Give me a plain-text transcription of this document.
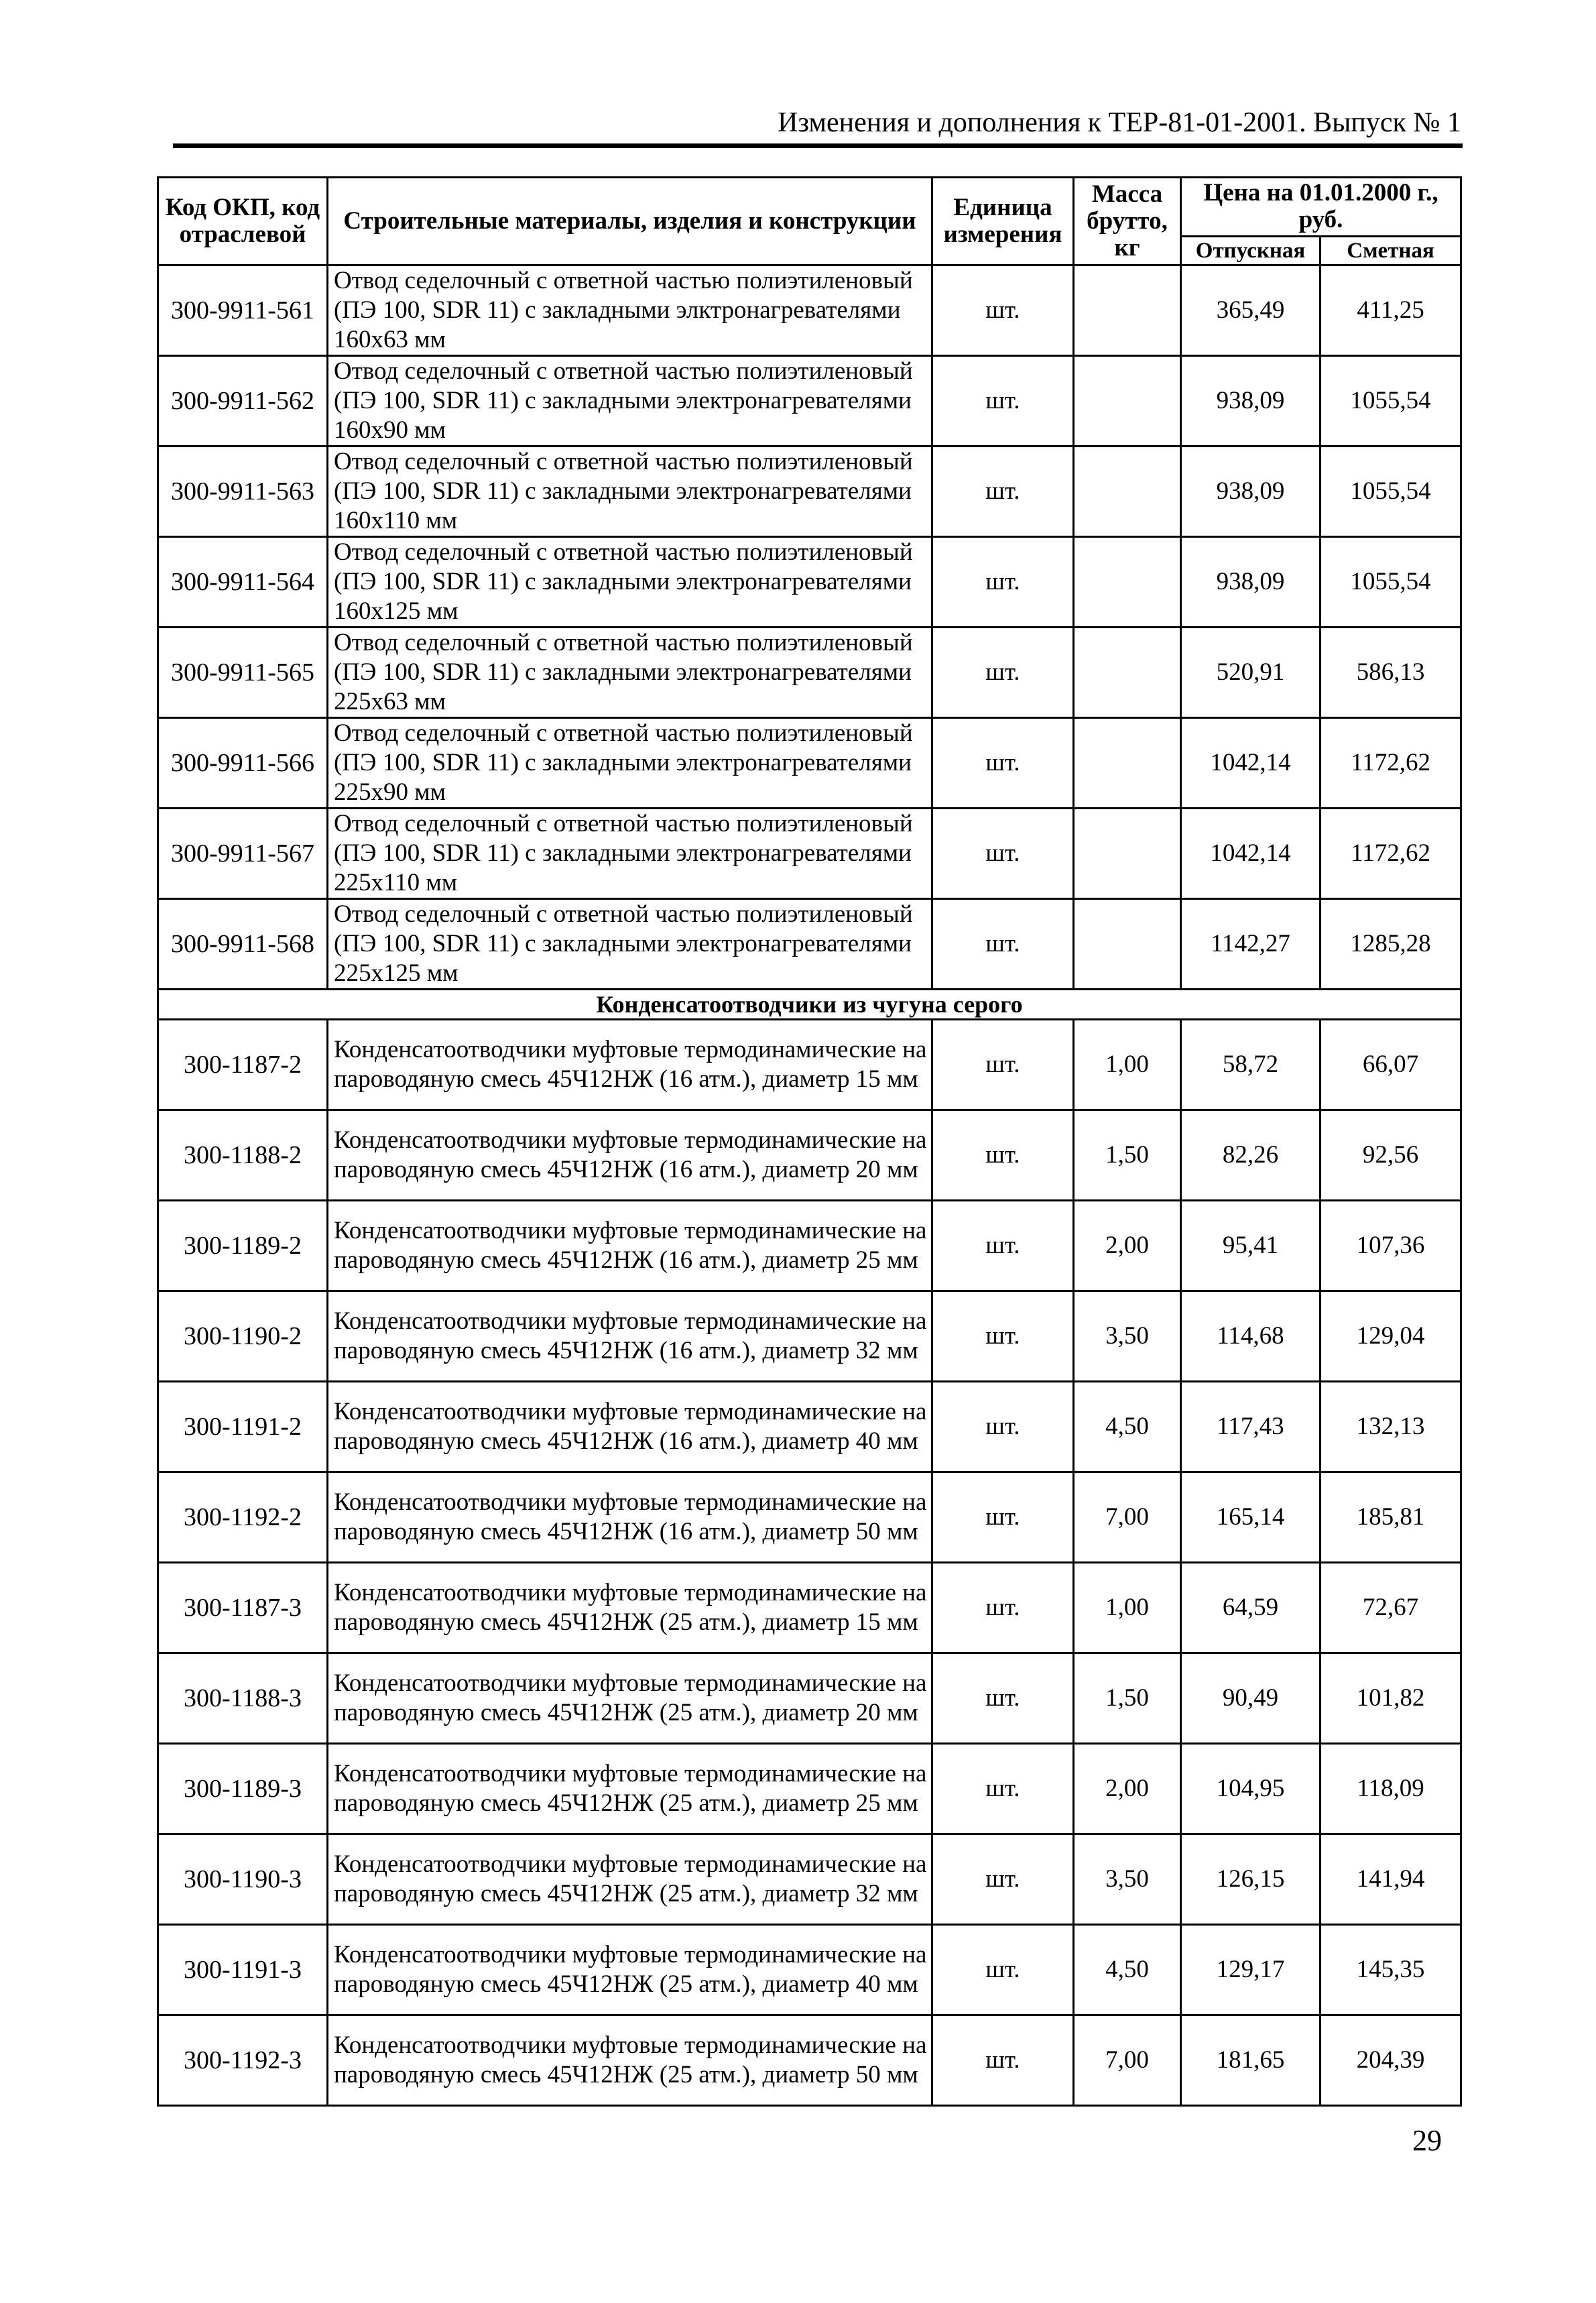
Изменения и дополнения к ТЕР-81-01-2001. Выпуск № 1
Код ОКП, код отраслевой	Строительные материалы, изделия и конструкции	Единица измерения	Масса брутто, кг	Цена на 01.01.2000 г., руб.	
				Отпускная	Сметная
300-9911-561	Отвод седелочный с ответной частью полиэтиленовый (ПЭ 100, SDR 11) с закладными элктронагревателями 160х63 мм	шт.		365,49	411,25
300-9911-562	Отвод седелочный с ответной частью полиэтиленовый (ПЭ 100, SDR 11) с закладными электронагревателями 160х90 мм	шт.		938,09	1055,54
300-9911-563	Отвод седелочный с ответной частью полиэтиленовый (ПЭ 100, SDR 11) с закладными электронагревателями 160х110 мм	шт.		938,09	1055,54
300-9911-564	Отвод седелочный с ответной частью полиэтиленовый (ПЭ 100, SDR 11) с закладными электронагревателями 160х125 мм	шт.		938,09	1055,54
300-9911-565	Отвод седелочный с ответной частью полиэтиленовый (ПЭ 100, SDR 11) с закладными электронагревателями 225х63 мм	шт.		520,91	586,13
300-9911-566	Отвод седелочный с ответной частью полиэтиленовый (ПЭ 100, SDR 11) с закладными электронагревателями 225х90 мм	шт.		1042,14	1172,62
300-9911-567	Отвод седелочный с ответной частью полиэтиленовый (ПЭ 100, SDR 11) с закладными электронагревателями 225х110 мм	шт.		1042,14	1172,62
300-9911-568	Отвод седелочный с ответной частью полиэтиленовый (ПЭ 100, SDR 11) с закладными электронагревателями 225х125 мм	шт.		1142,27	1285,28
Конденсатоотводчики из чугуна серого					
300-1187-2	Конденсатоотводчики муфтовые термодинамические на пароводяную смесь 45Ч12НЖ (16 атм.), диаметр 15 мм	шт.	1,00	58,72	66,07
300-1188-2	Конденсатоотводчики муфтовые термодинамические на пароводяную смесь 45Ч12НЖ (16 атм.), диаметр 20 мм	шт.	1,50	82,26	92,56
300-1189-2	Конденсатоотводчики муфтовые термодинамические на пароводяную смесь 45Ч12НЖ (16 атм.), диаметр 25 мм	шт.	2,00	95,41	107,36
300-1190-2	Конденсатоотводчики муфтовые термодинамические на пароводяную смесь 45Ч12НЖ (16 атм.), диаметр 32 мм	шт.	3,50	114,68	129,04
300-1191-2	Конденсатоотводчики муфтовые термодинамические на пароводяную смесь 45Ч12НЖ (16 атм.), диаметр 40 мм	шт.	4,50	117,43	132,13
300-1192-2	Конденсатоотводчики муфтовые термодинамические на пароводяную смесь 45Ч12НЖ (16 атм.), диаметр 50 мм	шт.	7,00	165,14	185,81
300-1187-3	Конденсатоотводчики муфтовые термодинамические на пароводяную смесь 45Ч12НЖ (25 атм.), диаметр 15 мм	шт.	1,00	64,59	72,67
300-1188-3	Конденсатоотводчики муфтовые термодинамические на пароводяную смесь 45Ч12НЖ (25 атм.), диаметр 20 мм	шт.	1,50	90,49	101,82
300-1189-3	Конденсатоотводчики муфтовые термодинамические на пароводяную смесь 45Ч12НЖ (25 атм.), диаметр 25 мм	шт.	2,00	104,95	118,09
300-1190-3	Конденсатоотводчики муфтовые термодинамические на пароводяную смесь 45Ч12НЖ (25 атм.), диаметр 32 мм	шт.	3,50	126,15	141,94
300-1191-3	Конденсатоотводчики муфтовые термодинамические на пароводяную смесь 45Ч12НЖ (25 атм.), диаметр 40 мм	шт.	4,50	129,17	145,35
300-1192-3	Конденсатоотводчики муфтовые термодинамические на пароводяную смесь 45Ч12НЖ (25 атм.), диаметр 50 мм	шт.	7,00	181,65	204,39
29
